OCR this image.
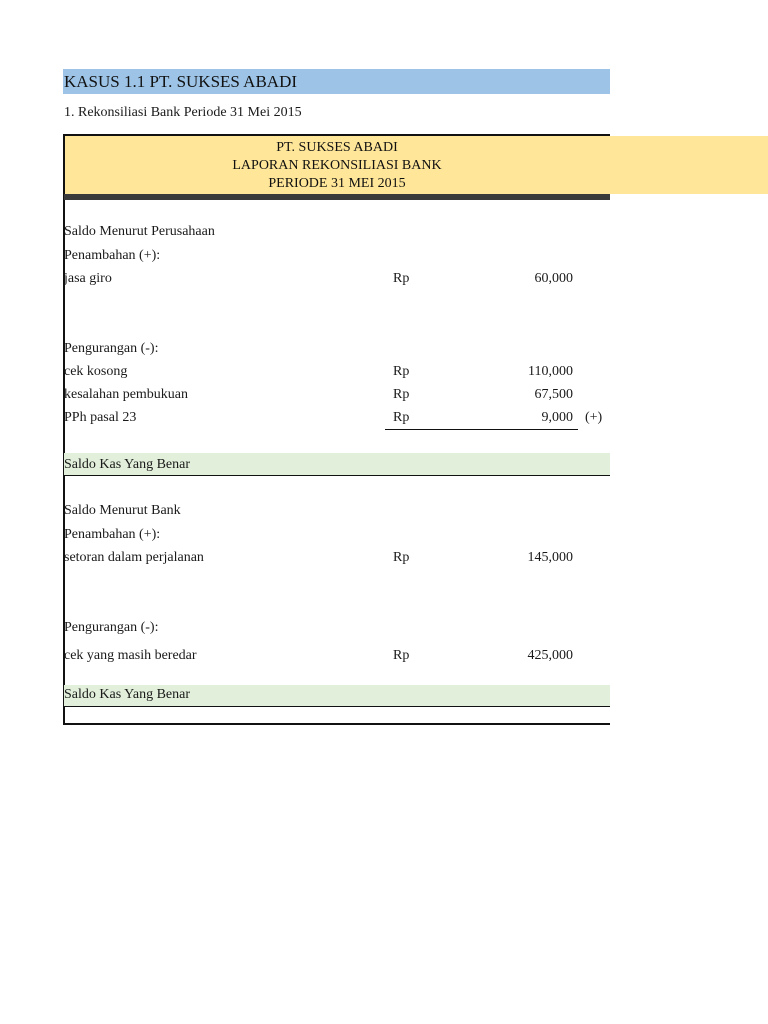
KASUS 1.1 PT. SUKSES ABADI
1. Rekonsiliasi Bank Periode 31 Mei 2015
PT. SUKSES ABADI
LAPORAN REKONSILIASI BANK
PERIODE 31 MEI 2015
Saldo Menurut Perusahaan
Penambahan (+):
jasa giro	Rp	60,000
Pengurangan (-):
cek kosong	Rp	110,000
kesalahan pembukuan	Rp	67,500
PPh pasal 23	Rp	9,000 (+)
Saldo Kas Yang Benar
Saldo Menurut Bank
Penambahan (+):
setoran dalam perjalanan	Rp	145,000
Pengurangan (-):
cek yang masih beredar	Rp	425,000
Saldo Kas Yang Benar
